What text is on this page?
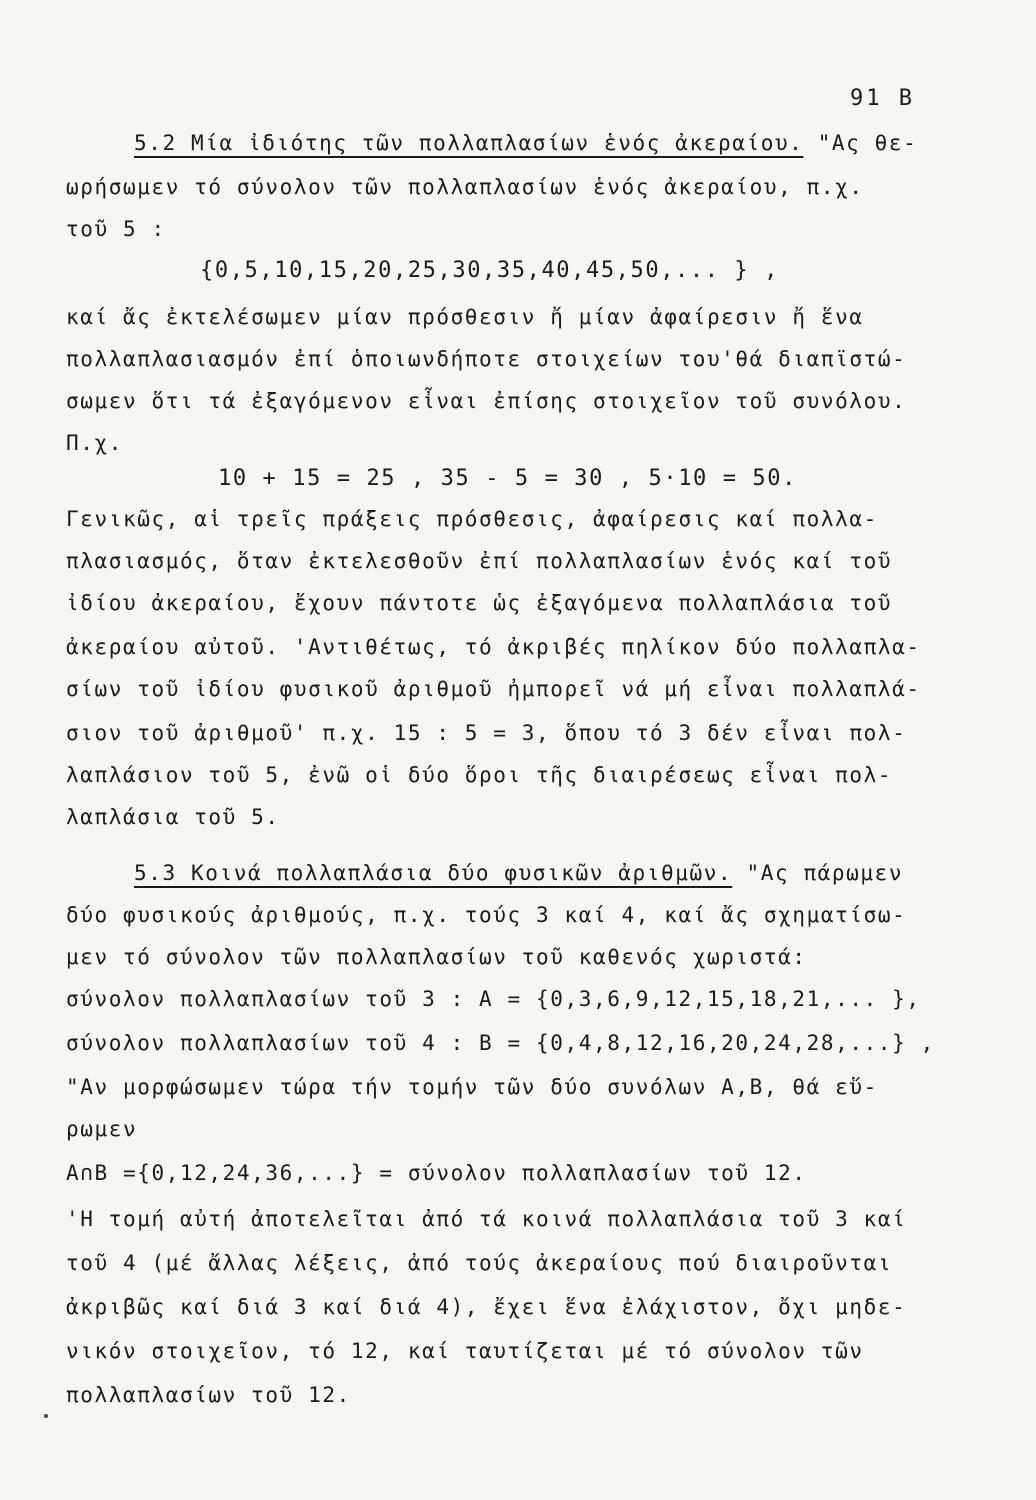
91 B
5.2 Μία ἰδιότης τῶν πολλαπλασίων ἑνός ἀκεραίου. "Ας θε-
ωρήσωμεν τό σύνολον τῶν πολλαπλασίων ἑνός ἀκεραίου, π.χ.
τοῦ 5 :
{0,5,10,15,20,25,30,35,40,45,50,... } ,
καί ἄς ἐκτελέσωμεν μίαν πρόσθεσιν ἤ μίαν ἀφαίρεσιν ἤ ἕνα
πολλαπλασιασμόν ἐπί ὁποιωνδήποτε στοιχείων του'θά διαπϊστώ-
σωμεν ὅτι τά ἐξαγόμενον εἶναι ἐπίσης στοιχεῖον τοῦ συνόλου.
Π.χ.
10 + 15 = 25 , 35 - 5 = 30 , 5·10 = 50.
Γενικῶς, αἱ τρεῖς πράξεις πρόσθεσις, ἀφαίρεσις καί πολλα-
πλασιασμός, ὅταν ἐκτελεσθοῦν ἐπί πολλαπλασίων ἑνός καί τοῦ
ἰδίου ἀκεραίου, ἔχουν πάντοτε ὡς ἐξαγόμενα πολλαπλάσια τοῦ
ἀκεραίου αὐτοῦ. 'Αντιθέτως, τό ἀκριβές πηλίκον δύο πολλαπλα-
σίων τοῦ ἰδίου φυσικοῦ ἀριθμοῦ ἠμπορεῖ νά μή εἶναι πολλαπλά-
σιον τοῦ ἀριθμοῦ' π.χ. 15 : 5 = 3, ὅπου τό 3 δέν εἶναι πολ-
λαπλάσιον τοῦ 5, ἐνῶ οἱ δύο ὅροι τῆς διαιρέσεως εἶναι πολ-
λαπλάσια τοῦ 5.
5.3 Κοινά πολλαπλάσια δύο φυσικῶν ἀριθμῶν. "Ας πάρωμεν
δύο φυσικούς ἀριθμούς, π.χ. τούς 3 καί 4, καί ἄς σχηματίσω-
μεν τό σύνολον τῶν πολλαπλασίων τοῦ καθενός χωριστά:
σύνολον πολλαπλασίων τοῦ 3 : A = {0,3,6,9,12,15,18,21,... },
σύνολον πολλαπλασίων τοῦ 4 : B = {0,4,8,12,16,20,24,28,...} ,
"Αν μορφώσωμεν τώρα τήν τομήν τῶν δύο συνόλων A,B, θά εὕ-
ρωμεν
A∩B ={0,12,24,36,...} = σύνολον πολλαπλασίων τοῦ 12.
'Η τομή αὐτή ἀποτελεῖται ἀπό τά κοινά πολλαπλάσια τοῦ 3 καί
τοῦ 4 (μέ ἄλλας λέξεις, ἀπό τούς ἀκεραίους πού διαιροῦνται
ἀκριβῶς καί διά 3 καί διά 4), ἔχει ἕνα ἐλάχιστον, ὄχι μηδε-
νικόν στοιχεῖον, τό 12, καί ταυτίζεται μέ τό σύνολον τῶν
πολλαπλασίων τοῦ 12.
